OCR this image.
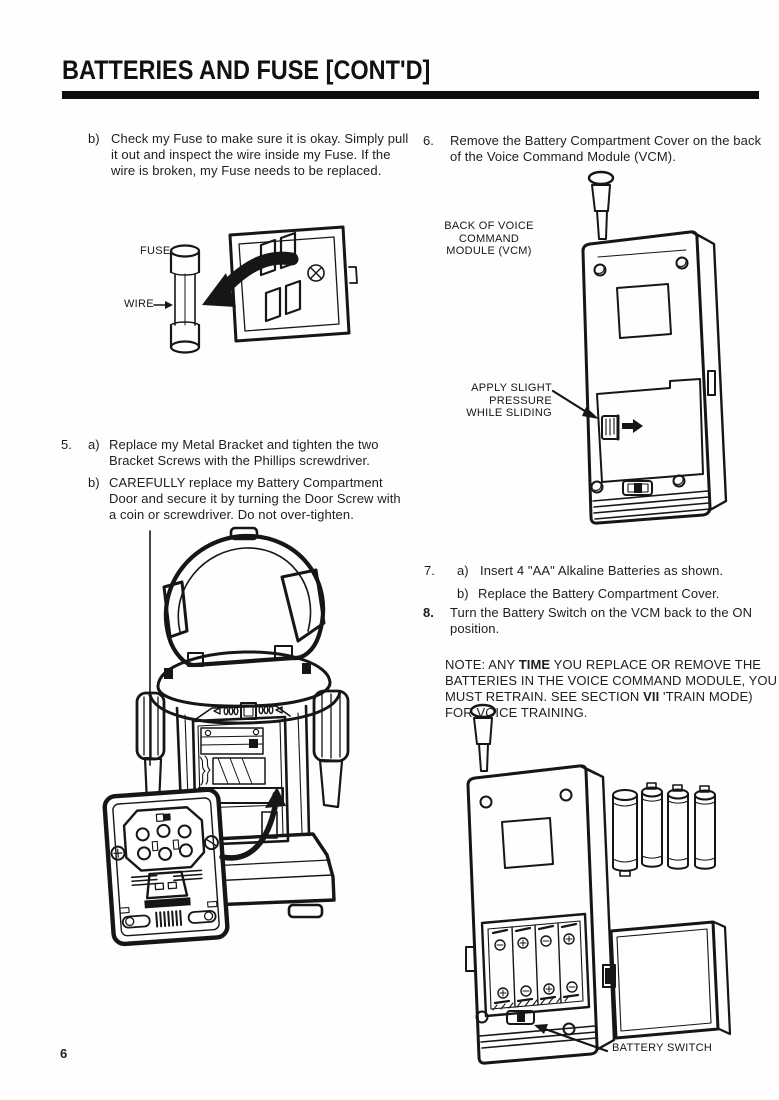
BATTERIES AND FUSE [CONT'D]
b) Check my Fuse to make sure it is okay. Simply pull
it out and inspect the wire inside my Fuse. If the
wire is broken, my Fuse needs to be replaced.
FUSE
WIRE
5.	a) Replace my Metal Bracket and tighten the two
Bracket Screws with the Phillips screwdriver.
b) CAREFULLY replace my Battery Compartment
Door and secure it by turning the Door Screw with
a coin or screwdriver. Do not over-tighten.
6.	Remove the Battery Compartment Cover on the back
of the Voice Command Module (VCM).
BACK OF VOICE COMMAND
MODULE (VCM)
APPLY SLIGHT PRESSURE
WHILE SLIDING
7.	a) Insert 4 "AA" Alkaline Batteries as shown.
b) Replace the Battery Compartment Cover.
8.	Turn the Battery Switch on the VCM back to the ON
position.

NOTE: ANY TIME YOU REPLACE OR REMOVE THE
BATTERIES IN THE VOICE COMMAND MODULE, YOU
MUST RETRAIN. SEE SECTION VII 'TRAIN MODE)
FOR VOICE TRAINING.

BATTERY SWITCH
6
